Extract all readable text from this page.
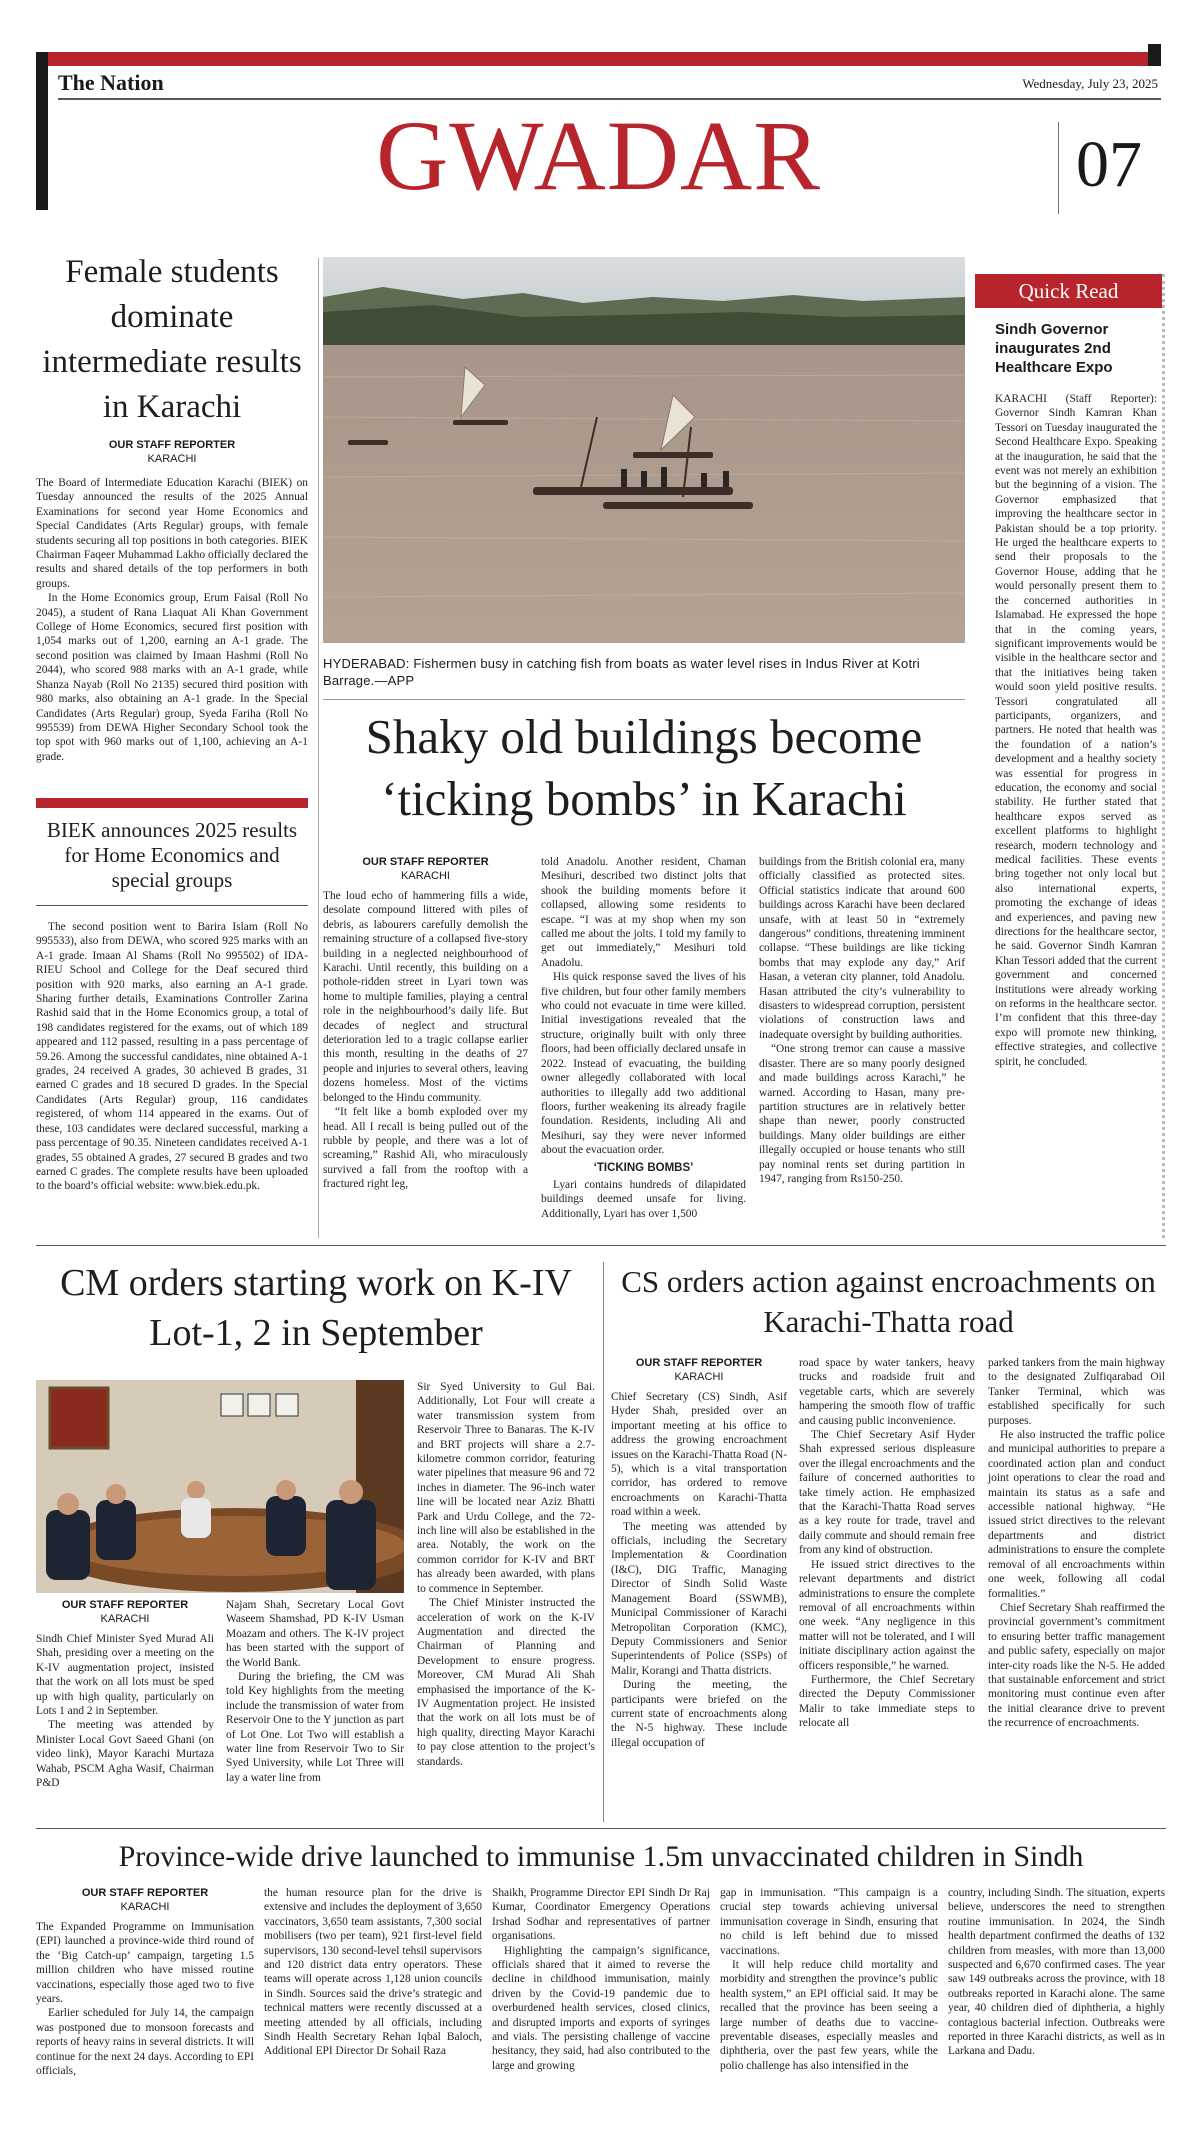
The Nation	Wednesday, July 23, 2025
GWADAR	07
Female students dominate intermediate results in Karachi
OUR STAFF REPORTER
KARACHI

The Board of Intermediate Education Karachi (BIEK) on Tuesday announced the results of the 2025 Annual Examinations for second year Home Economics and Special Candidates (Arts Regular) groups, with female students securing all top positions in both categories. BIEK Chairman Faqeer Muhammad Lakho officially declared the results and shared details of the top performers in both groups.

In the Home Economics group, Erum Faisal (Roll No 2045), a student of Rana Liaquat Ali Khan Government College of Home Economics, secured first position with 1,054 marks out of 1,200, earning an A-1 grade. The second position was claimed by Imaan Hashmi (Roll No 2044), who scored 988 marks with an A-1 grade, while Shanza Nayab (Roll No 2135) secured third position with 980 marks, also obtaining an A-1 grade. In the Special Candidates (Arts Regular) group, Syeda Fariha (Roll No 995539) from DEWA Higher Secondary School took the top spot with 960 marks out of 1,100, achieving an A-1 grade.

BIEK announces 2025 results for Home Economics and special groups

The second position went to Barira Islam (Roll No 995533), also from DEWA, who scored 925 marks with an A-1 grade. Imaan Al Shams (Roll No 995502) of IDA-RIEU School and College for the Deaf secured third position with 920 marks, also earning an A-1 grade. Sharing further details, Examinations Controller Zarina Rashid said that in the Home Economics group, a total of 198 candidates registered for the exams, out of which 189 appeared and 112 passed, resulting in a pass percentage of 59.26. Among the successful candidates, nine obtained A-1 grades, 24 received A grades, 30 achieved B grades, 31 earned C grades and 18 secured D grades. In the Special Candidates (Arts Regular) group, 116 candidates registered, of whom 114 appeared in the exams. Out of these, 103 candidates were declared successful, marking a pass percentage of 90.35. Nineteen candidates received A-1 grades, 55 obtained A grades, 27 secured B grades and two earned C grades. The complete results have been uploaded to the board’s official website: www.biek.edu.pk.

HYDERABAD: Fishermen busy in catching fish from boats as water level rises in Indus River at Kotri Barrage.—APP
Shaky old buildings become ‘ticking bombs’ in Karachi
OUR STAFF REPORTER
KARACHI

The loud echo of hammering fills a wide, desolate compound littered with piles of debris, as labourers carefully demolish the remaining structure of a collapsed five-story building in a neglected neighbourhood of Karachi. Until recently, this building on a pothole-ridden street in Lyari town was home to multiple families, playing a central role in the neighbourhood’s daily life. But decades of neglect and structural deterioration led to a tragic collapse earlier this month, resulting in the deaths of 27 people and injuries to several others, leaving dozens homeless. Most of the victims belonged to the Hindu community.

“It felt like a bomb exploded over my head. All I recall is being pulled out of the rubble by people, and there was a lot of screaming,” Rashid Ali, who miraculously survived a fall from the rooftop with a fractured right leg,

told Anadolu. Another resident, Chaman Mesihuri, described two distinct jolts that shook the building moments before it collapsed, allowing some residents to escape. “I was at my shop when my son called me about the jolts. I told my family to get out immediately,” Mesihuri told Anadolu.

His quick response saved the lives of his five children, but four other family members who could not evacuate in time were killed. Initial investigations revealed that the structure, originally built with only three floors, had been officially declared unsafe in 2022. Instead of evacuating, the building owner allegedly collaborated with local authorities to illegally add two additional floors, further weakening its already fragile foundation. Residents, including Ali and Mesihuri, say they were never informed about the evacuation order.

‘TICKING BOMBS’

Lyari contains hundreds of dilapidated buildings deemed unsafe for living. Additionally, Lyari has over 1,500

buildings from the British colonial era, many officially classified as protected sites. Official statistics indicate that around 600 buildings across Karachi have been declared unsafe, with at least 50 in “extremely dangerous” conditions, threatening imminent collapse. “These buildings are like ticking bombs that may explode any day,” Arif Hasan, a veteran city planner, told Anadolu. Hasan attributed the city’s vulnerability to disasters to widespread corruption, persistent violations of construction laws and inadequate oversight by building authorities.

“One strong tremor can cause a massive disaster. There are so many poorly designed and made buildings across Karachi,” he warned. According to Hasan, many pre-partition structures are in relatively better shape than newer, poorly constructed buildings. Many older buildings are either illegally occupied or house tenants who still pay nominal rents set during partition in 1947, ranging from Rs150-250.

Quick Read
Sindh Governor inaugurates 2nd Healthcare Expo

KARACHI (Staff Reporter): Governor Sindh Kamran Khan Tessori on Tuesday inaugurated the Second Healthcare Expo. Speaking at the inauguration, he said that the event was not merely an exhibition but the beginning of a vision. The Governor emphasized that improving the healthcare sector in Pakistan should be a top priority. He urged the healthcare experts to send their proposals to the Governor House, adding that he would personally present them to the concerned authorities in Islamabad. He expressed the hope that in the coming years, significant improvements would be visible in the healthcare sector and that the initiatives being taken would soon yield positive results. Tessori congratulated all participants, organizers, and partners. He noted that health was the foundation of a nation’s development and a healthy society was essential for progress in education, the economy and social stability. He further stated that healthcare expos served as excellent platforms to highlight research, modern technology and medical facilities. These events bring together not only local but also international experts, promoting the exchange of ideas and experiences, and paving new directions for the healthcare sector, he said. Governor Sindh Kamran Khan Tessori added that the current government and concerned institutions were already working on reforms in the healthcare sector. I’m confident that this three-day expo will promote new thinking, effective strategies, and collective spirit, he concluded.

CM orders starting work on K-IV Lot-1, 2 in September
OUR STAFF REPORTER
KARACHI

Sindh Chief Minister Syed Murad Ali Shah, presiding over a meeting on the K-IV augmentation project, insisted that the work on all lots must be sped up with high quality, particularly on Lots 1 and 2 in September.

The meeting was attended by Minister Local Govt Saeed Ghani (on video link), Mayor Karachi Murtaza Wahab, PSCM Agha Wasif, Chairman P&D

Najam Shah, Secretary Local Govt Waseem Shamshad, PD K-IV Usman Moazam and others. The K-IV project has been started with the support of the World Bank.

During the briefing, the CM was told Key highlights from the meeting include the transmission of water from Reservoir One to the Y junction as part of Lot One. Lot Two will establish a water line from Reservoir Two to Sir Syed University, while Lot Three will lay a water line from

Sir Syed University to Gul Bai. Additionally, Lot Four will create a water transmission system from Reservoir Three to Banaras. The K-IV and BRT projects will share a 2.7-kilometre common corridor, featuring water pipelines that measure 96 and 72 inches in diameter. The 96-inch water line will be located near Aziz Bhatti Park and Urdu College, and the 72-inch line will also be established in the area. Notably, the work on the common corridor for K-IV and BRT has already been awarded, with plans to commence in September.

The Chief Minister instructed the acceleration of work on the K-IV Augmentation and directed the Chairman of Planning and Development to ensure progress. Moreover, CM Murad Ali Shah emphasised the importance of the K-IV Augmentation project. He insisted that the work on all lots must be of high quality, directing Mayor Karachi to pay close attention to the project’s standards.

CS orders action against encroachments on Karachi-Thatta road
OUR STAFF REPORTER
KARACHI

Chief Secretary (CS) Sindh, Asif Hyder Shah, presided over an important meeting at his office to address the growing encroachment issues on the Karachi-Thatta Road (N-5), which is a vital transportation corridor, has ordered to remove encroachments on Karachi-Thatta road within a week.

The meeting was attended by officials, including the Secretary Implementation & Coordination (I&C), DIG Traffic, Managing Director of Sindh Solid Waste Management Board (SSWMB), Municipal Commissioner of Karachi Metropolitan Corporation (KMC), Deputy Commissioners and Senior Superintendents of Police (SSPs) of Malir, Korangi and Thatta districts.

During the meeting, the participants were briefed on the current state of encroachments along the N-5 highway. These include illegal occupation of

road space by water tankers, heavy trucks and roadside fruit and vegetable carts, which are severely hampering the smooth flow of traffic and causing public inconvenience.

The Chief Secretary Asif Hyder Shah expressed serious displeasure over the illegal encroachments and the failure of concerned authorities to take timely action. He emphasized that the Karachi-Thatta Road serves as a key route for trade, travel and daily commute and should remain free from any kind of obstruction.

He issued strict directives to the relevant departments and district administrations to ensure the complete removal of all encroachments within one week. “Any negligence in this matter will not be tolerated, and I will initiate disciplinary action against the officers responsible,” he warned.

Furthermore, the Chief Secretary directed the Deputy Commissioner Malir to take immediate steps to relocate all

parked tankers from the main highway to the designated Zulfiqarabad Oil Tanker Terminal, which was established specifically for such purposes.

He also instructed the traffic police and municipal authorities to prepare a coordinated action plan and conduct joint operations to clear the road and maintain its status as a safe and accessible national highway. “He issued strict directives to the relevant departments and district administrations to ensure the complete removal of all encroachments within one week, following all codal formalities.”

Chief Secretary Shah reaffirmed the provincial government’s commitment to ensuring better traffic management and public safety, especially on major inter-city roads like the N-5. He added that sustainable enforcement and strict monitoring must continue even after the initial clearance drive to prevent the recurrence of encroachments.

Province-wide drive launched to immunise 1.5m unvaccinated children in Sindh
OUR STAFF REPORTER
KARACHI

The Expanded Programme on Immunisation (EPI) launched a province-wide third round of the ‘Big Catch-up’ campaign, targeting 1.5 million children who have missed routine vaccinations, especially those aged two to five years.

Earlier scheduled for July 14, the campaign was postponed due to monsoon forecasts and reports of heavy rains in several districts. It will continue for the next 24 days. According to EPI officials,

the human resource plan for the drive is extensive and includes the deployment of 3,650 vaccinators, 3,650 team assistants, 7,300 social mobilisers (two per team), 921 first-level field supervisors, 130 second-level tehsil supervisors and 120 district data entry operators. These teams will operate across 1,128 union councils in Sindh. Sources said the drive’s strategic and technical matters were recently discussed at a meeting attended by all officials, including Sindh Health Secretary Rehan Iqbal Baloch, Additional EPI Director Dr Sohail Raza

Shaikh, Programme Director EPI Sindh Dr Raj Kumar, Coordinator Emergency Operations Irshad Sodhar and representatives of partner organisations.

Highlighting the campaign’s significance, officials shared that it aimed to reverse the decline in childhood immunisation, mainly driven by the Covid-19 pandemic due to overburdened health services, closed clinics, and disrupted imports and exports of syringes and vials. The persisting challenge of vaccine hesitancy, they said, had also contributed to the large and growing

gap in immunisation. “This campaign is a crucial step towards achieving universal immunisation coverage in Sindh, ensuring that no child is left behind due to missed vaccinations.

It will help reduce child mortality and morbidity and strengthen the province’s public health system,” an EPI official said. It may be recalled that the province has been seeing a large number of deaths due to vaccine-preventable diseases, especially measles and diphtheria, over the past few years, while the polio challenge has also intensified in the

country, including Sindh. The situation, experts believe, underscores the need to strengthen routine immunisation. In 2024, the Sindh health department confirmed the deaths of 132 children from measles, with more than 13,000 suspected and 6,670 confirmed cases. The year saw 149 outbreaks across the province, with 18 outbreaks reported in Karachi alone. The same year, 40 children died of diphtheria, a highly contagious bacterial infection. Outbreaks were reported in three Karachi districts, as well as in Larkana and Dadu.
